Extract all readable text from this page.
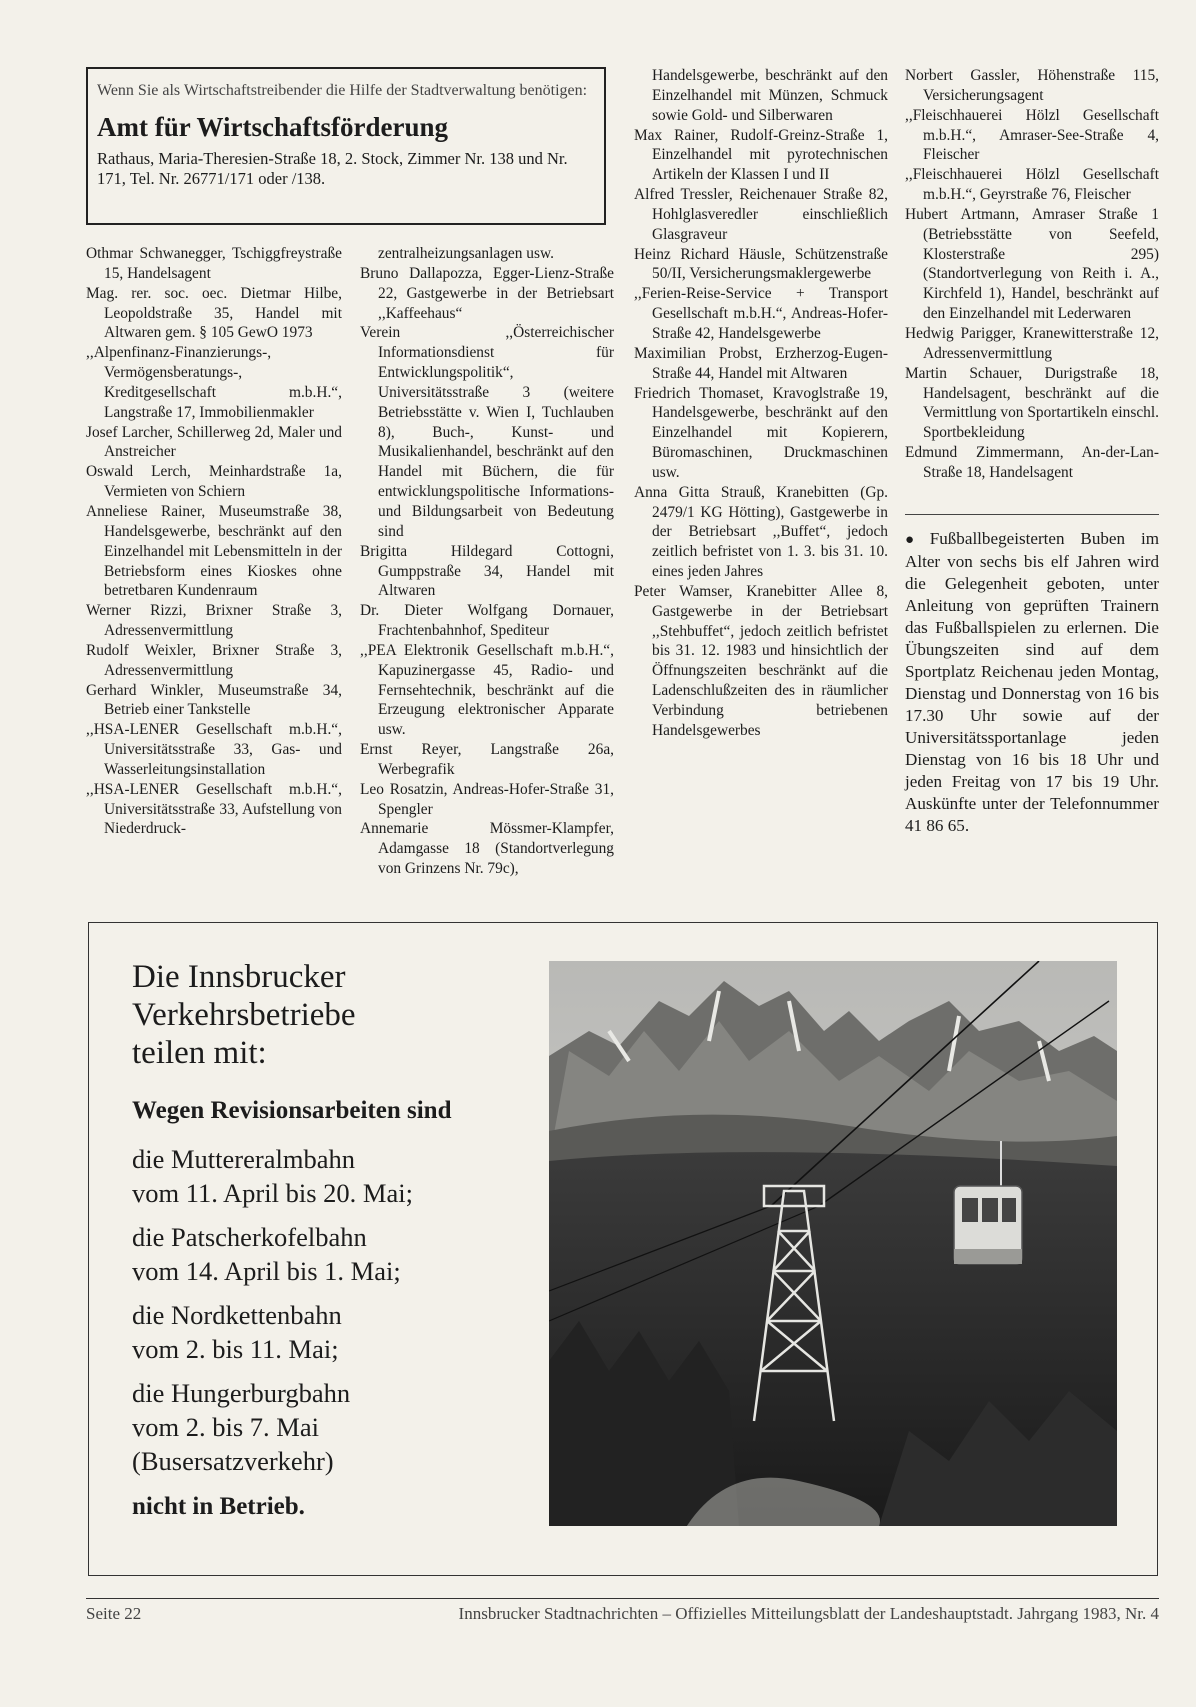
Wenn Sie als Wirtschaftstreibender die Hilfe der Stadtverwaltung benötigen:

Amt für Wirtschaftsförderung

Rathaus, Maria-Theresien-Straße 18, 2. Stock, Zimmer Nr. 138 und Nr. 171, Tel. Nr. 26771/171 oder /138.

Othmar Schwanegger, Tschiggfreystraße 15, Handelsagent

Mag. rer. soc. oec. Dietmar Hilbe, Leopoldstraße 35, Handel mit Altwaren gem. § 105 GewO 1973

,,Alpenfinanz-Finanzierungs-, Vermögensberatungs-, Kreditgesellschaft m.b.H.“, Langstraße 17, Immobilienmakler

Josef Larcher, Schillerweg 2d, Maler und Anstreicher

Oswald Lerch, Meinhardstraße 1a, Vermieten von Schiern

Anneliese Rainer, Museumstraße 38, Handelsgewerbe, beschränkt auf den Einzelhandel mit Lebensmitteln in der Betriebsform eines Kioskes ohne betretbaren Kundenraum

Werner Rizzi, Brixner Straße 3, Adressenvermittlung

Rudolf Weixler, Brixner Straße 3, Adressenvermittlung

Gerhard Winkler, Museumstraße 34, Betrieb einer Tankstelle

,,HSA-LENER Gesellschaft m.b.H.“, Universitätsstraße 33, Gas- und Wasserleitungsinstallation

,,HSA-LENER Gesellschaft m.b.H.“, Universitätsstraße 33, Aufstellung von Niederdruck-

zentralheizungsanlagen usw.

Bruno Dallapozza, Egger-Lienz-Straße 22, Gastgewerbe in der Betriebsart ,,Kaffeehaus“

Verein ,,Österreichischer Informationsdienst für Entwicklungspolitik“, Universitätsstraße 3 (weitere Betriebsstätte v. Wien I, Tuchlauben 8), Buch-, Kunst- und Musikalienhandel, beschränkt auf den Handel mit Büchern, die für entwicklungspolitische Informations- und Bildungsarbeit von Bedeutung sind

Brigitta Hildegard Cottogni, Gumppstraße 34, Handel mit Altwaren

Dr. Dieter Wolfgang Dornauer, Frachtenbahnhof, Spediteur

,,PEA Elektronik Gesellschaft m.b.H.“, Kapuzinergasse 45, Radio- und Fernsehtechnik, beschränkt auf die Erzeugung elektronischer Apparate usw.

Ernst Reyer, Langstraße 26a, Werbegrafik

Leo Rosatzin, Andreas-Hofer-Straße 31, Spengler

Annemarie Mössmer-Klampfer, Adamgasse 18 (Standortverlegung von Grinzens Nr. 79c),

Handelsgewerbe, beschränkt auf den Einzelhandel mit Münzen, Schmuck sowie Gold- und Silberwaren

Max Rainer, Rudolf-Greinz-Straße 1, Einzelhandel mit pyrotechnischen Artikeln der Klassen I und II

Alfred Tressler, Reichenauer Straße 82, Hohlglasveredler einschließlich Glasgraveur

Heinz Richard Häusle, Schützenstraße 50/II, Versicherungsmaklergewerbe

,,Ferien-Reise-Service + Transport Gesellschaft m.b.H.“, Andreas-Hofer-Straße 42, Handelsgewerbe

Maximilian Probst, Erzherzog-Eugen-Straße 44, Handel mit Altwaren

Friedrich Thomaset, Kravoglstraße 19, Handelsgewerbe, beschränkt auf den Einzelhandel mit Kopierern, Büromaschinen, Druckmaschinen usw.

Anna Gitta Strauß, Kranebitten (Gp. 2479/1 KG Hötting), Gastgewerbe in der Betriebsart ,,Buffet“, jedoch zeitlich befristet von 1. 3. bis 31. 10. eines jeden Jahres

Peter Wamser, Kranebitter Allee 8, Gastgewerbe in der Betriebsart ,,Stehbuffet“, jedoch zeitlich befristet bis 31. 12. 1983 und hinsichtlich der Öffnungszeiten beschränkt auf die Ladenschlußzeiten des in räumlicher Verbindung betriebenen Handelsgewerbes

Norbert Gassler, Höhenstraße 115, Versicherungsagent

,,Fleischhauerei Hölzl Gesellschaft m.b.H.“, Amraser-See-Straße 4, Fleischer

,,Fleischhauerei Hölzl Gesellschaft m.b.H.“, Geyrstraße 76, Fleischer

Hubert Artmann, Amraser Straße 1 (Betriebsstätte von Seefeld, Klosterstraße 295) (Standortverlegung von Reith i. A., Kirchfeld 1), Handel, beschränkt auf den Einzelhandel mit Lederwaren

Hedwig Parigger, Kranewitterstraße 12, Adressenvermittlung

Martin Schauer, Durigstraße 18, Handelsagent, beschränkt auf die Vermittlung von Sportartikeln einschl. Sportbekleidung

Edmund Zimmermann, An-der-Lan-Straße 18, Handelsagent

● Fußballbegeisterten Buben im Alter von sechs bis elf Jahren wird die Gelegenheit geboten, unter Anleitung von geprüften Trainern das Fußballspielen zu erlernen. Die Übungszeiten sind auf dem Sportplatz Reichenau jeden Montag, Dienstag und Donnerstag von 16 bis 17.30 Uhr sowie auf der Universitätssportanlage jeden Dienstag von 16 bis 18 Uhr und jeden Freitag von 17 bis 19 Uhr. Auskünfte unter der Telefonnummer 41 86 65.

Die Innsbrucker
Verkehrsbetriebe
teilen mit:

Wegen Revisionsarbeiten sind

die Muttereralmbahn
vom 11. April bis 20. Mai;

die Patscherkofelbahn
vom 14. April bis 1. Mai;

die Nordkettenbahn
vom 2. bis 11. Mai;

die Hungerburgbahn
vom 2. bis 7. Mai
(Busersatzverkehr)

nicht in Betrieb.

Seite 22	Innsbrucker Stadtnachrichten – Offizielles Mitteilungsblatt der Landeshauptstadt. Jahrgang 1983, Nr. 4
